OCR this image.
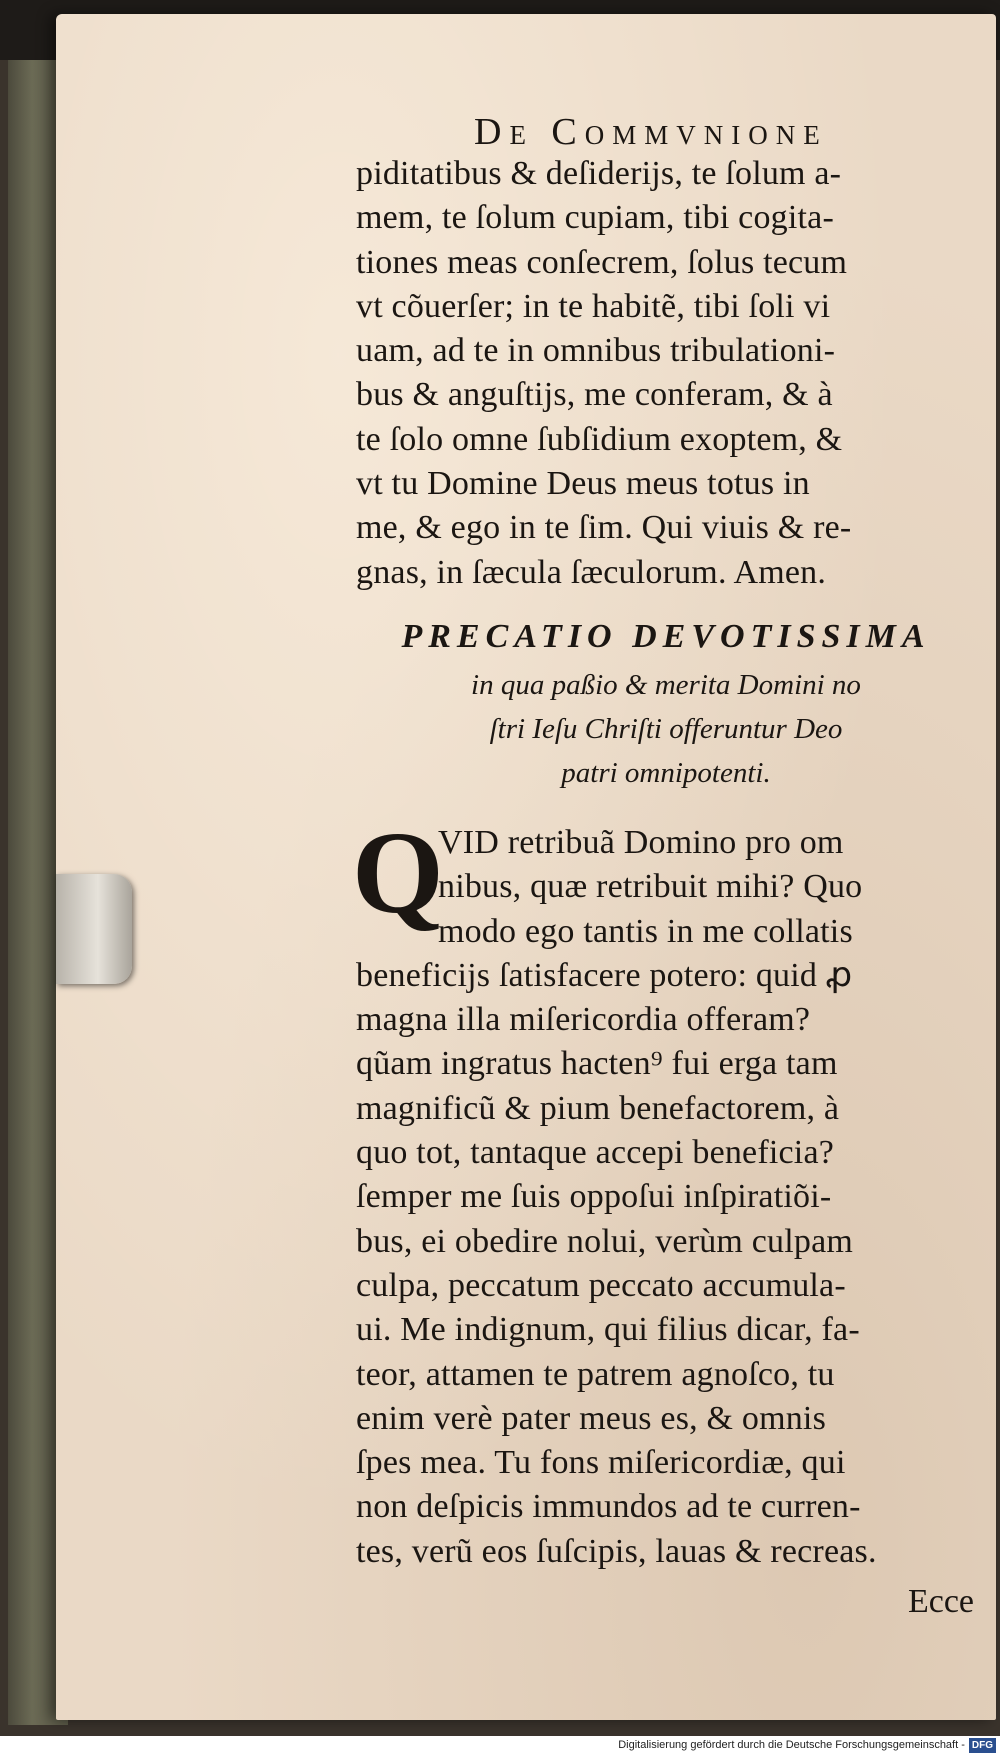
De Commvnione
piditatibus & deſiderijs, te ſolum a-
mem, te ſolum cupiam, tibi cogita-
tiones meas conſecrem, ſolus tecum
vt cõuerſer; in te habitẽ, tibi ſoli vi
uam, ad te in omnibus tribulationi-
bus & anguſtijs, me conferam, & à
te ſolo omne ſubſidium exoptem, &
vt tu Domine Deus meus totus in
me, & ego in te ſim. Qui viuis & re-
gnas, in ſæcula ſæculorum. Amen.
PRECATIO DEVOTISSIMA
in qua paßio & merita Domini no
ſtri Ieſu Chriſti offeruntur Deo
patri omnipotenti.
Q
VID retribuã Domino pro om
nibus, quæ retribuit mihi? Quo
modo ego tantis in me collatis
beneficijs ſatisfacere potero: quid ꝓ
magna illa miſericordia offeram?
qũam ingratus hacten⁹ fui erga tam
magnificũ & pium benefactorem, à
quo tot, tantaque accepi beneficia?
ſemper me ſuis oppoſui inſpiratiõi-
bus, ei obedire nolui, verùm culpam
culpa, peccatum peccato accumula-
ui. Me indignum, qui filius dicar, fa-
teor, attamen te patrem agnoſco, tu
enim verè pater meus es, & omnis
ſpes mea. Tu fons miſericordiæ, qui
non deſpicis immundos ad te curren-
tes, verũ eos ſuſcipis, lauas & recreas.
Ecce
Digitalisierung gefördert durch die Deutsche Forschungsgemeinschaft - DFG
